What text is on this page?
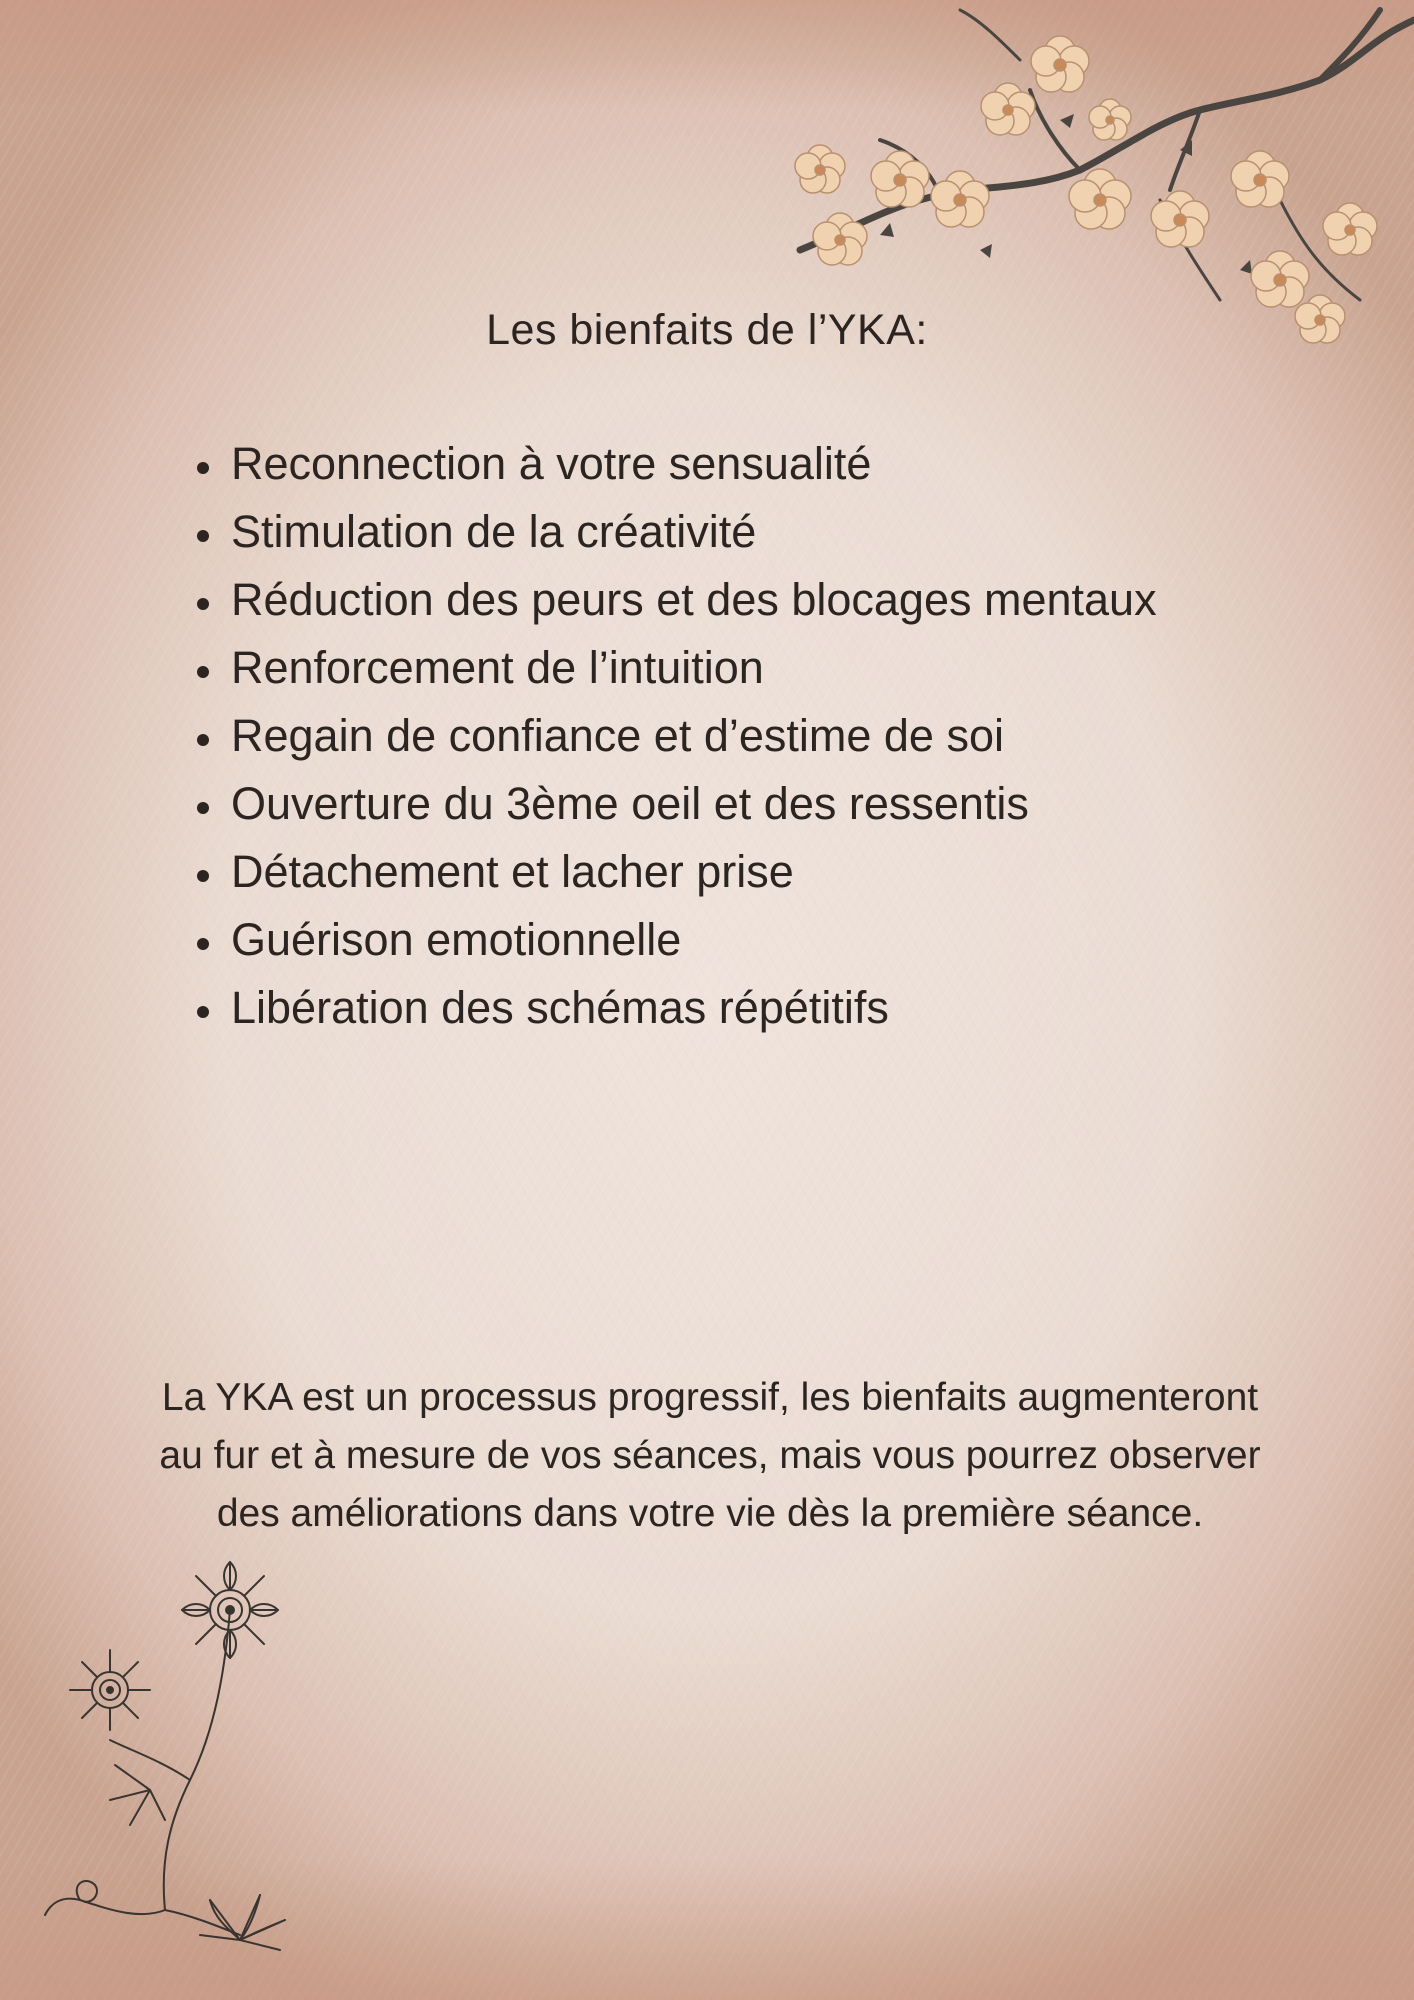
Les bienfaits de l’YKA:
• Reconnection à votre sensualité
• Stimulation de la créativité
• Réduction des peurs et des blocages mentaux
• Renforcement de l’intuition
• Regain de confiance et d’estime de soi
• Ouverture du 3ème oeil et des ressentis
• Détachement et lacher prise
• Guérison emotionnelle
• Libération des schémas répétitifs

La YKA est un processus progressif, les bienfaits augmenteront au fur et à mesure de vos séances, mais vous pourrez observer des améliorations dans votre vie dès la première séance.
